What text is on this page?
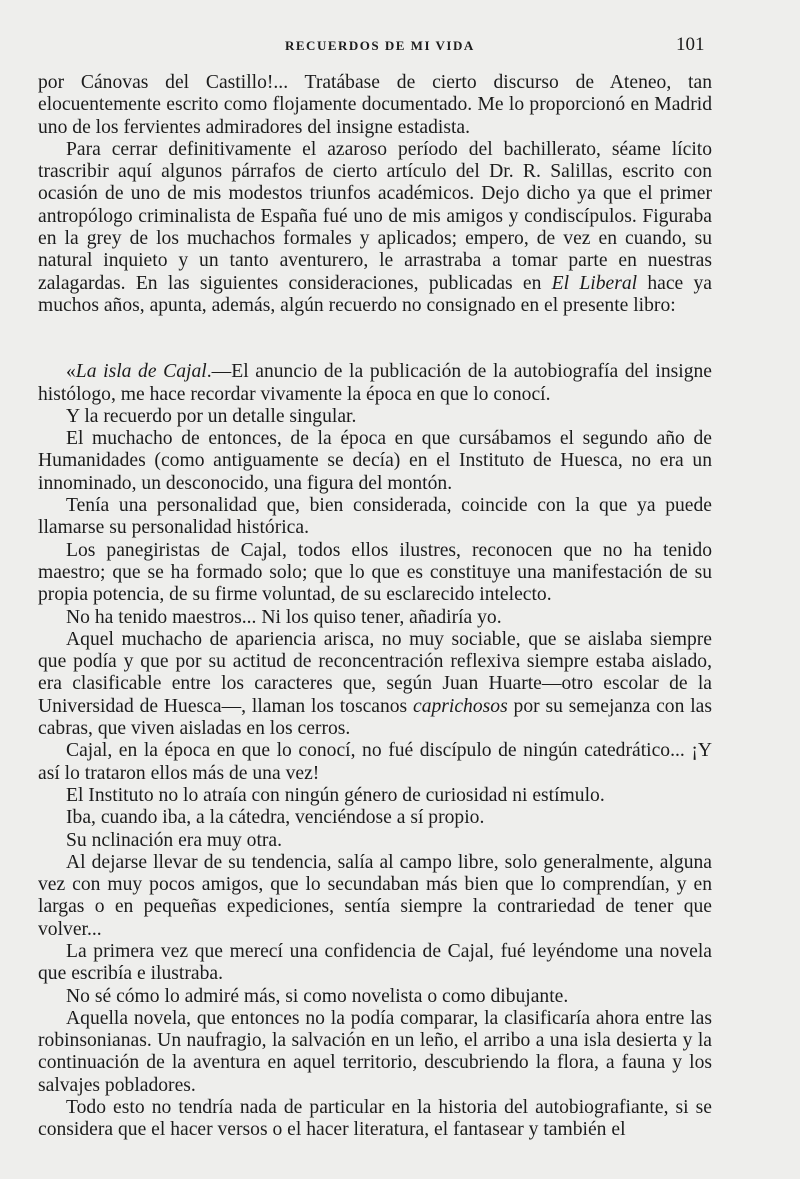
RECUERDOS DE MI VIDA	101

por Cánovas del Castillo!... Tratábase de cierto discurso de Ateneo, tan elocuentemente escrito como flojamente documentado. Me lo proporcionó en Madrid uno de los fervientes admiradores del insigne estadista.

Para cerrar definitivamente el azaroso período del bachillerato, séame lícito trascribir aquí algunos párrafos de cierto artículo del Dr. R. Salillas, escrito con ocasión de uno de mis modestos triunfos académicos. Dejo dicho ya que el primer antropólogo criminalista de España fué uno de mis amigos y condiscípulos. Figuraba en la grey de los muchachos formales y aplicados; empero, de vez en cuando, su natural inquieto y un tanto aventurero, le arrastraba a tomar parte en nuestras zalagardas. En las siguientes consideraciones, publicadas en El Liberal hace ya muchos años, apunta, además, algún recuerdo no consignado en el presente libro:

«La isla de Cajal.—El anuncio de la publicación de la autobiografía del insigne histólogo, me hace recordar vivamente la época en que lo conocí.

Y la recuerdo por un detalle singular.

El muchacho de entonces, de la época en que cursábamos el segundo año de Humanidades (como antiguamente se decía) en el Instituto de Huesca, no era un innominado, un desconocido, una figura del montón.

Tenía una personalidad que, bien considerada, coincide con la que ya puede llamarse su personalidad histórica.

Los panegiristas de Cajal, todos ellos ilustres, reconocen que no ha tenido maestro; que se ha formado solo; que lo que es constituye una manifestación de su propia potencia, de su firme voluntad, de su esclarecido intelecto.

No ha tenido maestros... Ni los quiso tener, añadiría yo.

Aquel muchacho de apariencia arisca, no muy sociable, que se aislaba siempre que podía y que por su actitud de reconcentración reflexiva siempre estaba aislado, era clasificable entre los caracteres que, según Juan Huarte—otro escolar de la Universidad de Huesca—, llaman los toscanos caprichosos por su semejanza con las cabras, que viven aisladas en los cerros.

Cajal, en la época en que lo conocí, no fué discípulo de ningún catedrático... ¡Y así lo trataron ellos más de una vez!

El Instituto no lo atraía con ningún género de curiosidad ni estímulo.

Iba, cuando iba, a la cátedra, venciéndose a sí propio.

Su nclinación era muy otra.

Al dejarse llevar de su tendencia, salía al campo libre, solo generalmente, alguna vez con muy pocos amigos, que lo secundaban más bien que lo comprendían, y en largas o en pequeñas expediciones, sentía siempre la contrariedad de tener que volver...

La primera vez que merecí una confidencia de Cajal, fué leyéndome una novela que escribía e ilustraba.

No sé cómo lo admiré más, si como novelista o como dibujante.

Aquella novela, que entonces no la podía comparar, la clasificaría ahora entre las robinsonianas. Un naufragio, la salvación en un leño, el arribo a una isla desierta y la continuación de la aventura en aquel territorio, descubriendo la flora, a fauna y los salvajes pobladores.

Todo esto no tendría nada de particular en la historia del autobiografiante, si se considera que el hacer versos o el hacer literatura, el fantasear y también el
